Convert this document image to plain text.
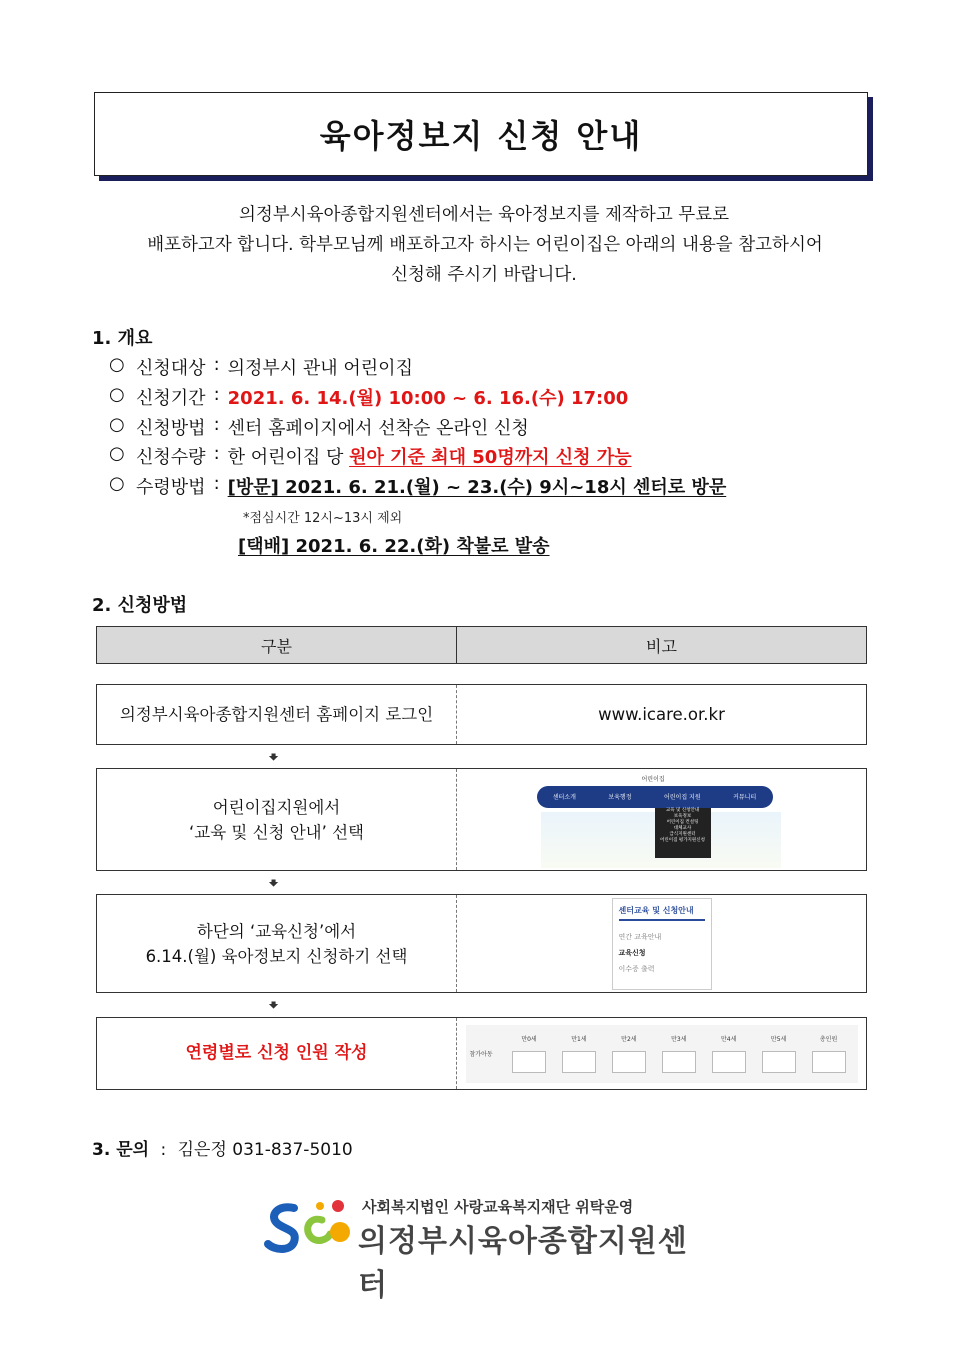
육아정보지 신청 안내
의정부시육아종합지원센터에서는 육아정보지를 제작하고 무료로
배포하고자 합니다. 학부모님께 배포하고자 하시는 어린이집은 아래의 내용을 참고하시어
신청해 주시기 바랍니다.
1. 개요
○ 신청대상 : 의정부시 관내 어린이집
○ 신청기간 : 2021. 6. 14.(월) 10:00 ~ 6. 16.(수) 17:00
○ 신청방법 : 센터 홈페이지에서 선착순 온라인 신청
○ 신청수량 : 한 어린이집 당 원아 기준 최대 50명까지 신청 가능
○ 수령방법 : [방문] 2021. 6. 21.(월) ~ 23.(수) 9시~18시 센터로 방문
*점심시간 12시~13시 제외
[택배] 2021. 6. 22.(화) 착불로 발송
2. 신청방법
구분	비고
의정부시육아종합지원센터 홈페이지 로그인	www.icare.or.kr
🠻
어린이집지원에서
‘교육 및 신청 안내’ 선택
어린이집
센터소개	보육행정	어린이집 지원	커뮤니티
교육 및 신청안내
보육정보
어린이집 컨설팅
대체교사
급식지원센터
어린이집 평가지원신청
🠻
하단의 ‘교육신청’에서
6.14.(월) 육아정보지 신청하기 선택
센터교육 및 신청안내
연간 교육안내
교육신청
이수증 출력
🠻
연령별로 신청 인원 작성	참가아동
만0세	만1세	만2세	만3세	만4세	만5세	총인원
3. 문의 : 김은정 031-837-5010
사회복지법인 사랑교육복지재단 위탁운영
의정부시육아종합지원센터
